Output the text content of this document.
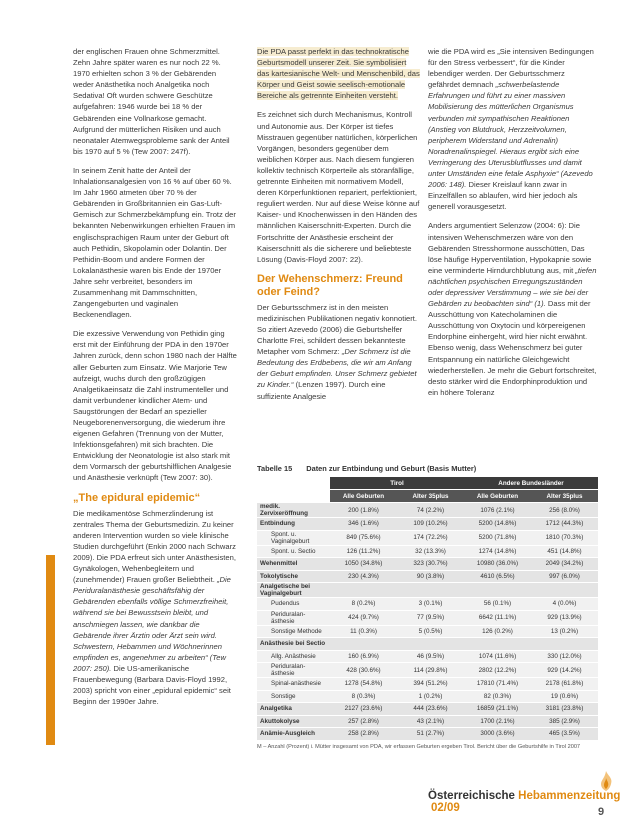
der englischen Frauen ohne Schmerzmittel. Zehn Jahre später waren es nur noch 22 %. 1970 erhielten schon 3 % der Gebärenden weder Anästhetika noch Analgetika noch Sedativa! Oft wurden schwere Geschütze aufgefahren: 1946 wurde bei 18 % der Gebärenden eine Vollnarkose gemacht. Aufgrund der mütterlichen Risiken und auch neonataler Atemwegsprobleme sank der Anteil bis 1970 auf 5 % (Tew 2007: 247f).

In seinem Zenit hatte der Anteil der Inhalationsanalgesien von 16 % auf über 60 %. Im Jahr 1960 atmeten über 70 % der Gebärenden in Großbritannien ein Gas-Luft-Gemisch zur Schmerzbekämpfung ein. Trotz der bekannten Nebenwirkungen erhielten Frauen im englischsprachigen Raum unter der Geburt oft auch Pethidin, Skopolamin oder Dolantin. Der Pethidin-Boom und andere Formen der Lokalanästhesie waren bis Ende der 1970er Jahre sehr verbreitet, besonders im Zusammenhang mit Dammschnitten, Zangengeburten und vaginalen Beckenendlagen.

Die exzessive Verwendung von Pethidin ging erst mit der Einführung der PDA in den 1970er Jahren zurück, denn schon 1980 nach der Hälfte aller Geburten zum Einsatz. Wie Marjorie Tew aufzeigt, wuchs durch den großzügigen Analgetikaeinsatz die Zahl instrumenteller und damit verbundener kindlicher Atem- und Saugstörungen der Bedarf an spezieller Neugeborenenversorgung, die wiederum ihre eigenen Gefahren (Trennung von der Mutter, Infektionsgefahren) mit sich brachten. Die Entwicklung der Neonatologie ist also stark mit dem Vormarsch der geburtshilflichen Analgesie und Anästhesie verknüpft (Tew 2007: 30).

„The epidural epidemic“

Die medikamentöse Schmerzlinderung ist zentrales Thema der Geburtsmedizin. Zu keiner anderen Intervention wurden so viele klinische Studien durchgeführt (Enkin 2000 nach Schwarz 2009). Die PDA erfreut sich unter Anästhesisten, Gynäkologen, Wehenbegleitern und (zunehmender) Frauen großer Beliebtheit. „Die Periduralanästhesie geschäftsfähig der Gebärenden ebenfalls völlige Schmerzfreiheit, während sie bei Bewusstsein bleibt, und anschmiegen lassen, wie dankbar die Gebärende ihrer Ärztin oder Ärzt sein wird. Schwestern, Hebammen und Wöchnerinnen empfinden es, angenehmer zu arbeiten“ (Tew 2007: 250). Die US-amerikanische Frauenbewegung (Barbara Davis-Floyd 1992, 2003) spricht von einer „epidural epidemic“ seit Beginn der 1990er Jahre.

Die PDA passt perfekt in das technokratische Geburtsmodell unserer Zeit. Sie symbolisiert das kartesianische Welt- und Menschenbild, das Körper und Geist sowie seelisch-emotionale Bereiche als getrennte Einheiten versteht.

Es zeichnet sich durch Mechanismus, Kontroll und Autonomie aus. Der Körper ist tiefes Misstrauen gegenüber natürlichen, körperlichen Vorgängen, besonders gegenüber dem weiblichen Körper aus. Nach diesem fungieren kollektiv technisch Körperteile als störanfällige, getrennte Einheiten mit normativem Modell, deren Körperfunktionen repariert, perfektioniert, reguliert werden. Nur auf diese Weise könne auf Kaiser- und Knochenwissen in den Händen des männlichen Kaiserschnitt-Experten. Durch die Fortschritte der Anästhesie erscheint der Kaiserschnitt als die sicherere und beliebteste Lösung (Davis-Floyd 2007: 22).

Der Wehenschmerz: Freund oder Feind?

Der Geburtsschmerz ist in den meisten medizinischen Publikationen negativ konnotiert. So zitiert Azevedo (2006) die Geburtshelfer Charlotte Frei, schildert dessen bekannteste Metapher vom Schmerz: „Der Schmerz ist die Bedeutung des Erdbebens, die wir am Anfang der Geburt empfinden. Unser Schmerz gebietet zu Kinder.“ (Lenzen 1997). Durch eine suffiziente Analgesie

wie die PDA wird es „Sie intensiven Bedingungen für den Stress verbessert“, für die Kinder lebendiger werden. Der Geburtsschmerz gefährdet demnach „schwerbelastende Erfahrungen und führt zu einer massiven Mobilisierung des mütterlichen Organismus verbunden mit sympathischen Reaktionen (Anstieg von Blutdruck, Herzzeitvolumen, peripherem Widerstand und Adrenalin) Noradrenalinspiegel. Hieraus ergibt sich eine Verringerung des Uterusblutflusses und damit unter Umständen eine fetale Asphyxie“ (Azevedo 2006: 148). Dieser Kreislauf kann zwar in Einzelfällen so ablaufen, wird hier jedoch als generell vorausgesetzt.

Anders argumentiert Selenzow (2004: 6): Die intensiven Wehenschmerzen wäre von den Gebärenden Stresshormone ausschütten, Das löse häufige Hyperventilation, Hypokapnie sowie eine verminderte Hirndurchblutung aus, mit „tiefen nächtlichen psychischen Erregungszuständen oder depressiver Verstimmung – wie sie bei der Gebärden zu beobachten sind“ (1). Dass mit der Ausschüttung von Katecholaminen die Ausschüttung von Oxytocin und körpereigenen Endorphine einhergeht, wird hier nicht erwähnt. Ebenso wenig, dass Wehenschmerz bei guter Entspannung ein natürliche Gleichgewicht wiederherstellen. Je mehr die Geburt fortschreitet, desto stärker wird die Endorphinproduktion und ein höhere Toleranz

Tabelle 15 Daten zur Entbindung und Geburt (Basis Mutter)
	Tirol		Andere Bundesländer	
	Alle Geburten	Alter 35plus	Alle Geburten	Alter 35plus
medik. Zervixeröffnung	200 (1.8%)	74 (2.2%)	1076 (2.1%)	256 (8.0%)
Entbindung	346 (1.6%)	109 (10.2%)	5200 (14.8%)	1712 (44.3%)
Spont. u. Vaginalgeburt	849 (75.6%)	174 (72.2%)	5200 (71.8%)	1810 (70.3%)
Spont. u. Sectio	126 (11.2%)	32 (13.3%)	1274 (14.8%)	451 (14.8%)
Wehenmittel	1050 (34.8%)	323 (30.7%)	10980 (36.0%)	2049 (34.2%)
Tokolytische	230 (4.3%)	90 (3.8%)	4610 (6.5%)	997 (6.0%)
Analgetische bei Vaginalgeburt				
Pudendus	8 (0.2%)	3 (0.1%)	56 (0.1%)	4 (0.0%)
Periduralan-ästhesie	424 (9.7%)	77 (9.5%)	6642 (11.1%)	929 (13.9%)
Sonstige Methode	11 (0.3%)	5 (0.5%)	126 (0.2%)	13 (0.2%)
Anästhesie bei Sectio				
Allg. Anästhesie	160 (6.9%)	46 (9.5%)	1074 (11.6%)	330 (12.0%)
Periduralan-ästhesie	428 (30.6%)	114 (29.8%)	2802 (12.2%)	929 (14.2%)
Spinal-anästhesie	1278 (54.8%)	394 (51.2%)	17810 (71.4%)	2178 (61.8%)
Sonstige	8 (0.3%)	1 (0.2%)	82 (0.3%)	19 (0.6%)
Analgetika	2127 (23.6%)	444 (23.6%)	16859 (21.1%)	3181 (23.8%)
Akuttokolyse	257 (2.8%)	43 (2.1%)	1700 (2.1%)	385 (2.9%)
Anämie-Ausgleich	258 (2.8%)	51 (2.7%)	3000 (3.6%)	465 (3.5%)
M – Anzahl (Prozent) i. Mütter insgesamt von PDA, wir erfassen Geburten ergeben Tirol. Bericht über die Geburtshilfe in Tirol 2007
Österreichische Hebammenzeitung 02/09	9
